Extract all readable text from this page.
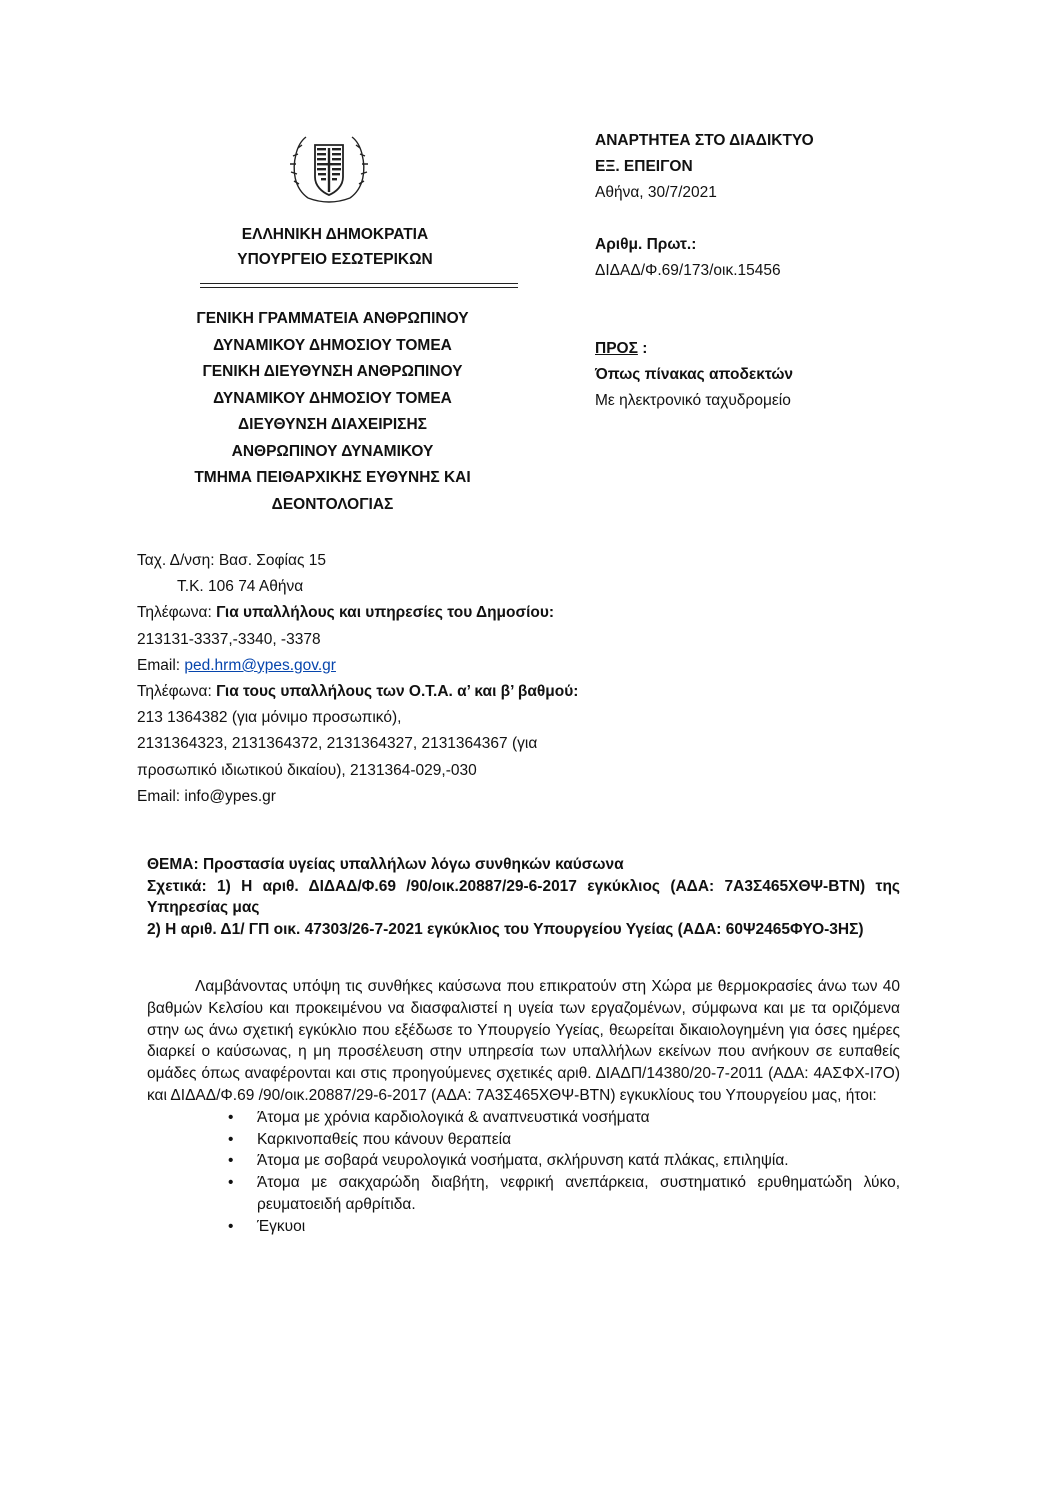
ΕΛΛΗΝΙΚΗ ΔΗΜΟΚΡΑΤΙΑ
ΥΠΟΥΡΓΕΙΟ ΕΣΩΤΕΡΙΚΩΝ
ΓΕΝΙΚΗ ΓΡΑΜΜΑΤΕΙΑ ΑΝΘΡΩΠΙΝΟΥ
ΔΥΝΑΜΙΚΟΥ ΔΗΜΟΣΙΟΥ ΤΟΜΕΑ
ΓΕΝΙΚΗ ΔΙΕΥΘΥΝΣΗ ΑΝΘΡΩΠΙΝΟΥ
ΔΥΝΑΜΙΚΟΥ ΔΗΜΟΣΙΟΥ ΤΟΜΕΑ
ΔΙΕΥΘΥΝΣΗ ΔΙΑΧΕΙΡΙΣΗΣ
ΑΝΘΡΩΠΙΝΟΥ ΔΥΝΑΜΙΚΟΥ
ΤΜΗΜΑ ΠΕΙΘΑΡΧΙΚΗΣ ΕΥΘΥΝΗΣ ΚΑΙ
ΔΕΟΝΤΟΛΟΓΙΑΣ
ΑΝΑΡΤΗΤΕΑ ΣΤΟ ΔΙΑΔΙΚΤΥΟ
ΕΞ. ΕΠΕΙΓΟΝ
Αθήνα, 30/7/2021
Αριθμ. Πρωτ.:
ΔΙΔΑΔ/Φ.69/173/οικ.15456
ΠΡΟΣ :
Όπως πίνακας αποδεκτών
Με ηλεκτρονικό ταχυδρομείο
Ταχ. Δ/νση: Βασ. Σοφίας 15
Τ.Κ. 106 74 Αθήνα
Τηλέφωνα: Για υπαλλήλους και υπηρεσίες του Δημοσίου:
213131-3337,-3340, -3378
Email: ped.hrm@ypes.gov.gr
Τηλέφωνα: Για τους υπαλλήλους των Ο.Τ.Α. α’ και β’ βαθμού:
213 1364382 (για μόνιμο προσωπικό),
2131364323, 2131364372, 2131364327, 2131364367 (για
προσωπικό ιδιωτικού δικαίου), 2131364-029,-030
Email: info@ypes.gr
ΘΕΜΑ: Προστασία υγείας υπαλλήλων λόγω συνθηκών καύσωνα
Σχετικά: 1) Η αριθ. ΔΙΔΑΔ/Φ.69 /90/οικ.20887/29-6-2017 εγκύκλιος (ΑΔΑ: 7Α3Σ465ΧΘΨ-ΒΤΝ) της Υπηρεσίας μας
2) Η αριθ. Δ1/ ΓΠ οικ. 47303/26-7-2021 εγκύκλιος του Υπουργείου Υγείας (ΑΔΑ: 60Ψ2465ΦΥΟ-3ΗΣ)

Λαμβάνοντας υπόψη τις συνθήκες καύσωνα που επικρατούν στη Χώρα με θερμοκρασίες άνω των 40 βαθμών Κελσίου και προκειμένου να διασφαλιστεί η υγεία των εργαζομένων, σύμφωνα και με τα οριζόμενα στην ως άνω σχετική εγκύκλιο που εξέδωσε το Υπουργείο Υγείας, θεωρείται δικαιολογημένη για όσες ημέρες διαρκεί ο καύσωνας, η μη προσέλευση στην υπηρεσία των υπαλλήλων εκείνων που ανήκουν σε ευπαθείς ομάδες όπως αναφέρονται και στις προηγούμενες σχετικές αριθ. ΔΙΑΔΠ/14380/20-7-2011 (ΑΔΑ: 4ΑΣΦΧ-Ι7Ο) και ΔΙΔΑΔ/Φ.69 /90/οικ.20887/29-6-2017 (ΑΔΑ: 7Α3Σ465ΧΘΨ-ΒΤΝ) εγκυκλίους του Υπουργείου μας, ήτοι:

• Άτομα με χρόνια καρδιολογικά & αναπνευστικά νοσήματα
• Καρκινοπαθείς που κάνουν θεραπεία
• Άτομα με σοβαρά νευρολογικά νοσήματα, σκλήρυνση κατά πλάκας, επιληψία.
• Άτομα με σακχαρώδη διαβήτη, νεφρική ανεπάρκεια, συστηματικό ερυθηματώδη λύκο, ρευματοειδή αρθρίτιδα.
• Έγκυοι
